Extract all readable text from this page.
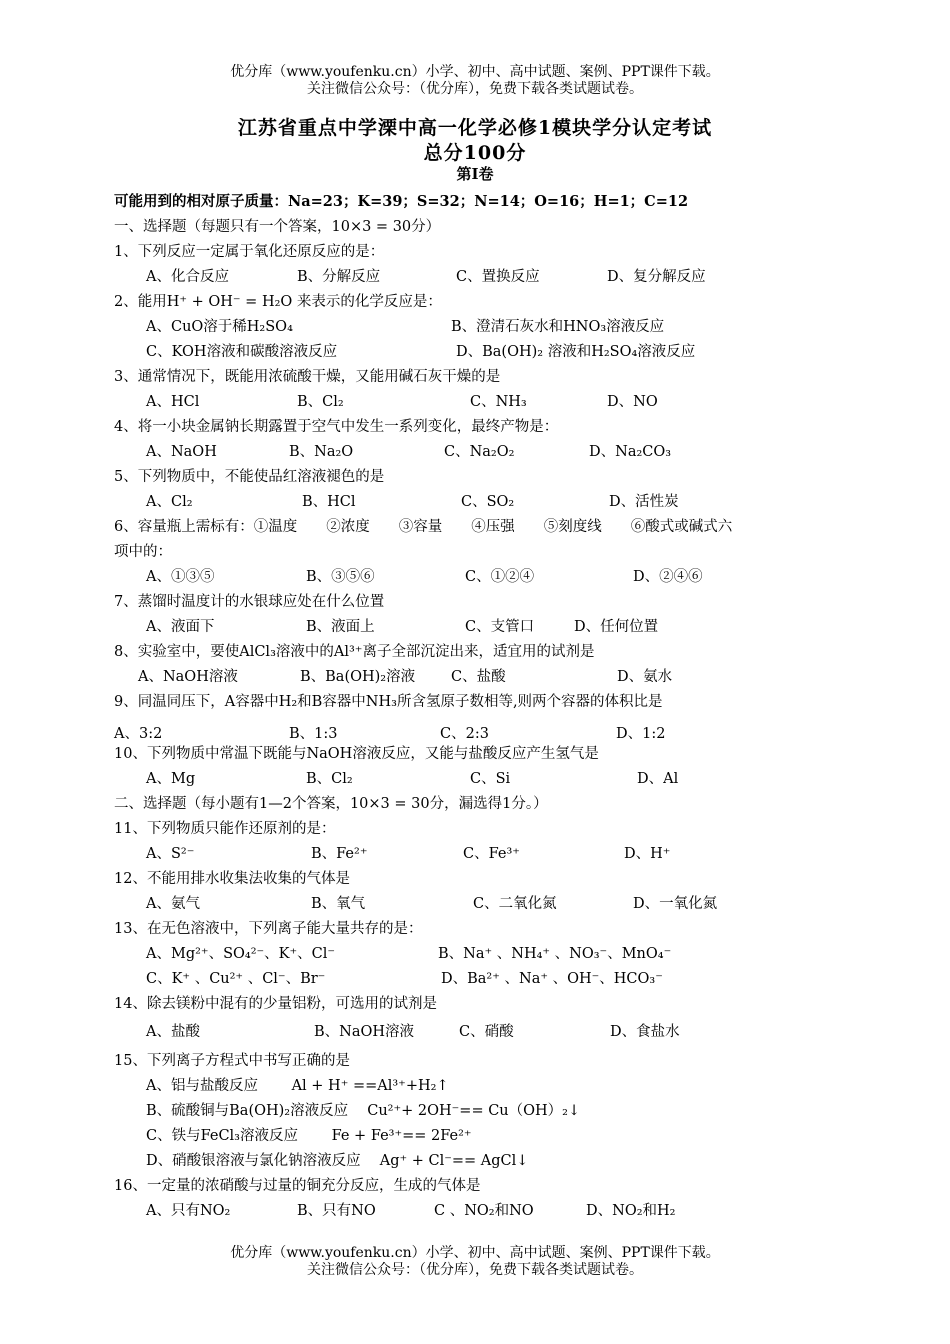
优分库（www.youfenku.cn）小学、初中、高中试题、案例、PPT课件下载。
关注微信公众号：（优分库），免费下载各类试题试卷。
江苏省重点中学溧中高一化学必修1模块学分认定考试
总分100分
第Ⅰ卷
可能用到的相对原子质量：Na=23；K=39；S=32；N=14；O=16；H=1；C=12
一、选择题（每题只有一个答案，10×3 = 30分）
1、下列反应一定属于氧化还原反应的是：
A、化合反应	B、分解反应	C、置换反应	D、复分解反应
2、能用H⁺ + OH⁻ = H₂O 来表示的化学反应是：
A、CuO溶于稀H₂SO₄	B、澄清石灰水和HNO₃溶液反应
C、KOH溶液和碳酸溶液反应	D、Ba(OH)₂ 溶液和H₂SO₄溶液反应
3、通常情况下，既能用浓硫酸干燥，又能用碱石灰干燥的是
A、HCl	B、Cl₂	C、NH₃	D、NO
4、将一小块金属钠长期露置于空气中发生一系列变化，最终产物是：
A、NaOH	B、Na₂O	C、Na₂O₂	D、Na₂CO₃
5、下列物质中，不能使品红溶液褪色的是
A、Cl₂	B、HCl	C、SO₂	D、活性炭
6、容量瓶上需标有：①温度　　②浓度　　③容量　　④压强　　⑤刻度线　　⑥酸式或碱式六
项中的：
A、①③⑤	B、③⑤⑥	C、①②④	D、②④⑥
7、蒸馏时温度计的水银球应处在什么位置
A、液面下	B、液面上	C、支管口	D、任何位置
8、实验室中，要使AlCl₃溶液中的Al³⁺离子全部沉淀出来，适宜用的试剂是
A、NaOH溶液	B、Ba(OH)₂溶液 C、盐酸	D、氨水
9、同温同压下，A容器中H₂和B容器中NH₃所含氢原子数相等,则两个容器的体积比是
A、3:2	B、1:3	C、2:3	D、1:2
10、下列物质中常温下既能与NaOH溶液反应，又能与盐酸反应产生氢气是
A、Mg	B、Cl₂	C、Si	D、Al
二、选择题（每小题有1—2个答案，10×3 = 30分，漏选得1分。）
11、下列物质只能作还原剂的是：
A、S²⁻	B、Fe²⁺	C、Fe³⁺	D、H⁺
12、不能用排水收集法收集的气体是
A、氨气	B、氧气	C、二氧化氮	D、一氧化氮
13、在无色溶液中，下列离子能大量共存的是：
A、Mg²⁺、SO₄²⁻、K⁺、Cl⁻	B、Na⁺ 、NH₄⁺ 、NO₃⁻、MnO₄⁻
C、K⁺ 、Cu²⁺ 、Cl⁻、Br⁻	D、Ba²⁺ 、Na⁺ 、OH⁻、HCO₃⁻
14、除去镁粉中混有的少量铝粉，可选用的试剂是
A、盐酸	B、NaOH溶液	C、硝酸	D、食盐水
15、下列离子方程式中书写正确的是
A、铝与盐酸反应　　 Al + H⁺ ==Al³⁺+H₂↑
B、硫酸铜与Ba(OH)₂溶液反应　 Cu²⁺+ 2OH⁻== Cu（OH）₂↓
C、铁与FeCl₃溶液反应　　 Fe + Fe³⁺== 2Fe²⁺
D、硝酸银溶液与氯化钠溶液反应　 Ag⁺ + Cl⁻== AgCl↓
16、一定量的浓硝酸与过量的铜充分反应，生成的气体是
A、只有NO₂	B、只有NO	C 、NO₂和NO	D、NO₂和H₂
优分库（www.youfenku.cn）小学、初中、高中试题、案例、PPT课件下载。
关注微信公众号：（优分库），免费下载各类试题试卷。
